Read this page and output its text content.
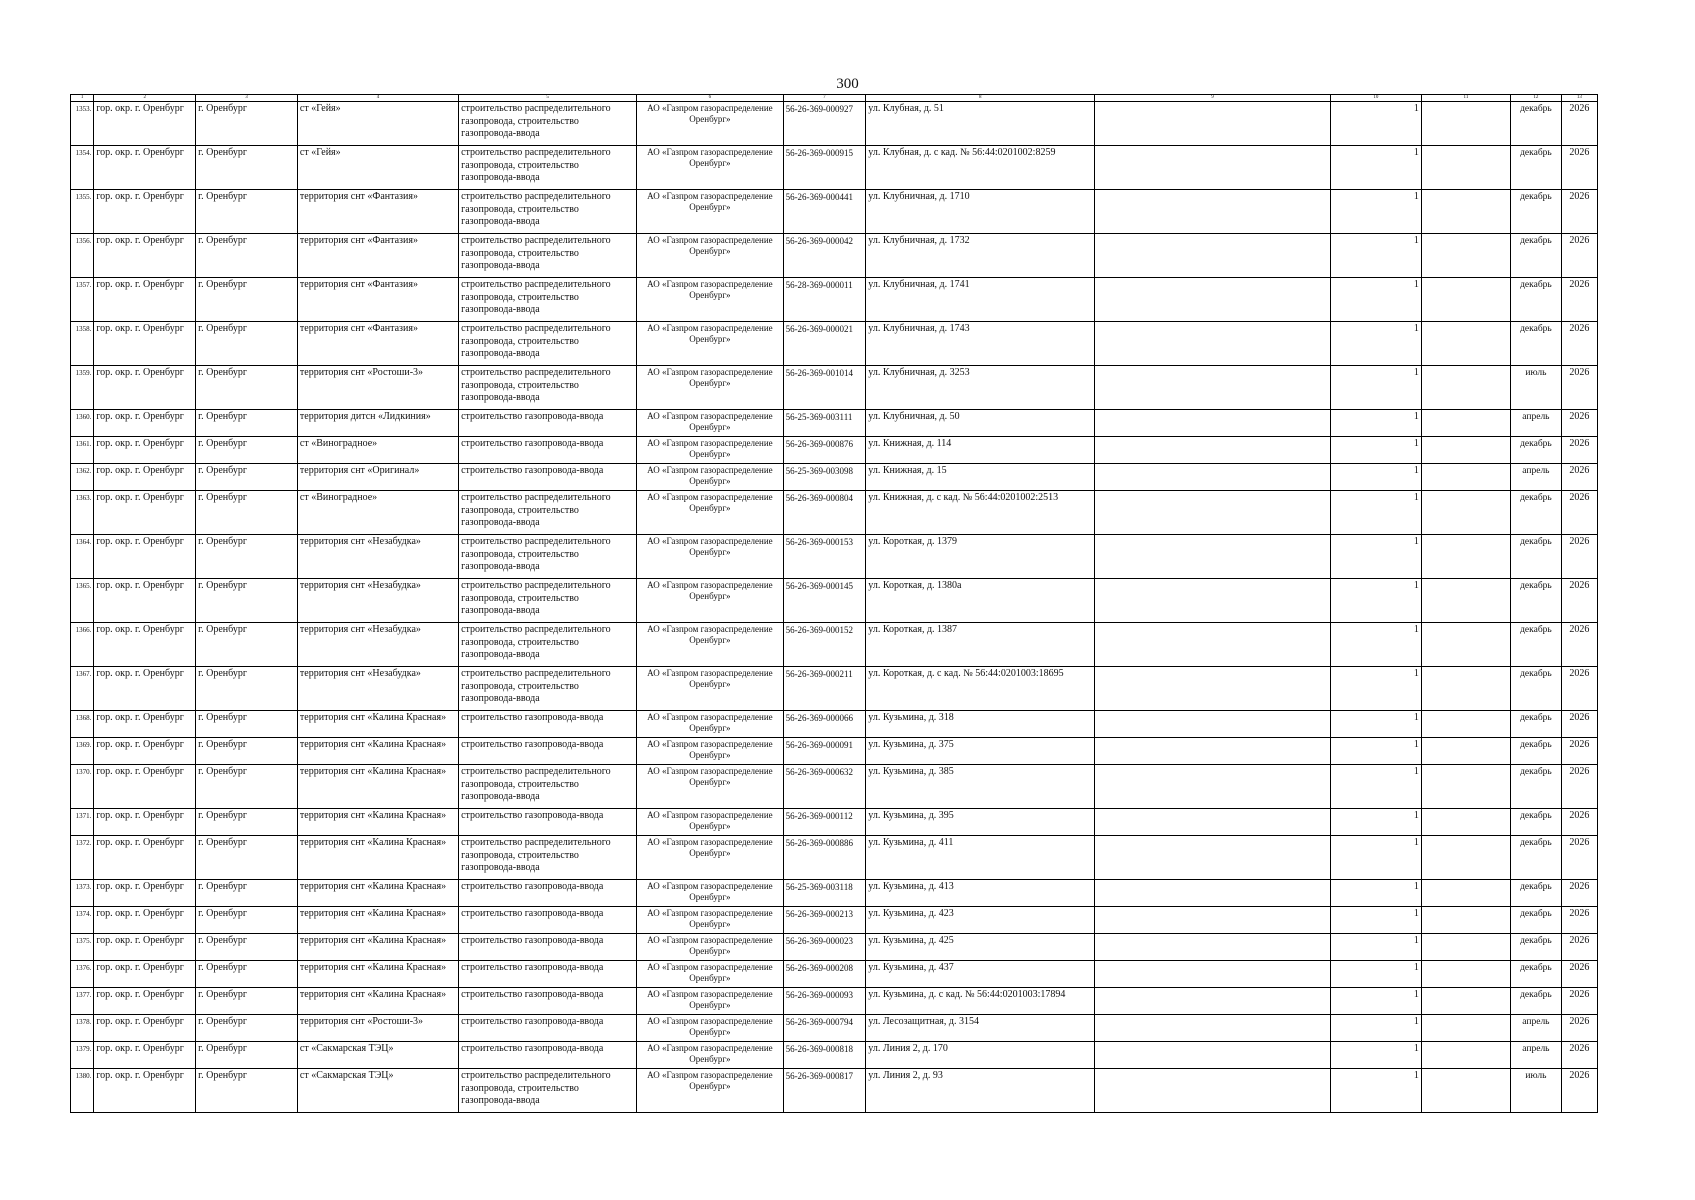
300
1	2	3	4	5	6	7	8	9	10	11	12	13
1353.	гор. окр. г. Оренбург	г. Оренбург	ст «Гейя»	строительство распределительного газопровода, строительство газопровода-ввода	АО «Газпром газораспределение Оренбург»	56-26-369-000927	ул. Клубная, д. 51		1		декабрь	2026
1354.	гор. окр. г. Оренбург	г. Оренбург	ст «Гейя»	строительство распределительного газопровода, строительство газопровода-ввода	АО «Газпром газораспределение Оренбург»	56-26-369-000915	ул. Клубная, д. с кад. № 56:44:0201002:8259		1		декабрь	2026
1355.	гор. окр. г. Оренбург	г. Оренбург	территория снт «Фантазия»	строительство распределительного газопровода, строительство газопровода-ввода	АО «Газпром газораспределение Оренбург»	56-26-369-000441	ул. Клубничная, д. 1710		1		декабрь	2026
1356.	гор. окр. г. Оренбург	г. Оренбург	территория снт «Фантазия»	строительство распределительного газопровода, строительство газопровода-ввода	АО «Газпром газораспределение Оренбург»	56-26-369-000042	ул. Клубничная, д. 1732		1		декабрь	2026
1357.	гор. окр. г. Оренбург	г. Оренбург	территория снт «Фантазия»	строительство распределительного газопровода, строительство газопровода-ввода	АО «Газпром газораспределение Оренбург»	56-28-369-000011	ул. Клубничная, д. 1741		1		декабрь	2026
1358.	гор. окр. г. Оренбург	г. Оренбург	территория снт «Фантазия»	строительство распределительного газопровода, строительство газопровода-ввода	АО «Газпром газораспределение Оренбург»	56-26-369-000021	ул. Клубничная, д. 1743		1		декабрь	2026
1359.	гор. окр. г. Оренбург	г. Оренбург	территория снт «Ростоши-3»	строительство распределительного газопровода, строительство газопровода-ввода	АО «Газпром газораспределение Оренбург»	56-26-369-001014	ул. Клубничная, д. 3253		1		июль	2026
1360.	гор. окр. г. Оренбург	г. Оренбург	территория дитсн «Лидкиния»	строительство газопровода-ввода	АО «Газпром газораспределение Оренбург»	56-25-369-003111	ул. Клубничная, д. 50		1		апрель	2026
1361.	гор. окр. г. Оренбург	г. Оренбург	ст «Виноградное»	строительство газопровода-ввода	АО «Газпром газораспределение Оренбург»	56-26-369-000876	ул. Книжная, д. 114		1		декабрь	2026
1362.	гор. окр. г. Оренбург	г. Оренбург	территория снт «Оригинал»	строительство газопровода-ввода	АО «Газпром газораспределение Оренбург»	56-25-369-003098	ул. Книжная, д. 15		1		апрель	2026
1363.	гор. окр. г. Оренбург	г. Оренбург	ст «Виноградное»	строительство распределительного газопровода, строительство газопровода-ввода	АО «Газпром газораспределение Оренбург»	56-26-369-000804	ул. Книжная, д. с кад. № 56:44:0201002:2513		1		декабрь	2026
1364.	гор. окр. г. Оренбург	г. Оренбург	территория снт «Незабудка»	строительство распределительного газопровода, строительство газопровода-ввода	АО «Газпром газораспределение Оренбург»	56-26-369-000153	ул. Короткая, д. 1379		1		декабрь	2026
1365.	гор. окр. г. Оренбург	г. Оренбург	территория снт «Незабудка»	строительство распределительного газопровода, строительство газопровода-ввода	АО «Газпром газораспределение Оренбург»	56-26-369-000145	ул. Короткая, д. 1380а		1		декабрь	2026
1366.	гор. окр. г. Оренбург	г. Оренбург	территория снт «Незабудка»	строительство распределительного газопровода, строительство газопровода-ввода	АО «Газпром газораспределение Оренбург»	56-26-369-000152	ул. Короткая, д. 1387		1		декабрь	2026
1367.	гор. окр. г. Оренбург	г. Оренбург	территория снт «Незабудка»	строительство распределительного газопровода, строительство газопровода-ввода	АО «Газпром газораспределение Оренбург»	56-26-369-000211	ул. Короткая, д. с кад. № 56:44:0201003:18695		1		декабрь	2026
1368.	гор. окр. г. Оренбург	г. Оренбург	территория снт «Калина Красная»	строительство газопровода-ввода	АО «Газпром газораспределение Оренбург»	56-26-369-000066	ул. Кузьмина, д. 318		1		декабрь	2026
1369.	гор. окр. г. Оренбург	г. Оренбург	территория снт «Калина Красная»	строительство газопровода-ввода	АО «Газпром газораспределение Оренбург»	56-26-369-000091	ул. Кузьмина, д. 375		1		декабрь	2026
1370.	гор. окр. г. Оренбург	г. Оренбург	территория снт «Калина Красная»	строительство распределительного газопровода, строительство газопровода-ввода	АО «Газпром газораспределение Оренбург»	56-26-369-000632	ул. Кузьмина, д. 385		1		декабрь	2026
1371.	гор. окр. г. Оренбург	г. Оренбург	территория снт «Калина Красная»	строительство газопровода-ввода	АО «Газпром газораспределение Оренбург»	56-26-369-000112	ул. Кузьмина, д. 395		1		декабрь	2026
1372.	гор. окр. г. Оренбург	г. Оренбург	территория снт «Калина Красная»	строительство распределительного газопровода, строительство газопровода-ввода	АО «Газпром газораспределение Оренбург»	56-26-369-000886	ул. Кузьмина, д. 411		1		декабрь	2026
1373.	гор. окр. г. Оренбург	г. Оренбург	территория снт «Калина Красная»	строительство газопровода-ввода	АО «Газпром газораспределение Оренбург»	56-25-369-003118	ул. Кузьмина, д. 413		1		декабрь	2026
1374.	гор. окр. г. Оренбург	г. Оренбург	территория снт «Калина Красная»	строительство газопровода-ввода	АО «Газпром газораспределение Оренбург»	56-26-369-000213	ул. Кузьмина, д. 423		1		декабрь	2026
1375.	гор. окр. г. Оренбург	г. Оренбург	территория снт «Калина Красная»	строительство газопровода-ввода	АО «Газпром газораспределение Оренбург»	56-26-369-000023	ул. Кузьмина, д. 425		1		декабрь	2026
1376.	гор. окр. г. Оренбург	г. Оренбург	территория снт «Калина Красная»	строительство газопровода-ввода	АО «Газпром газораспределение Оренбург»	56-26-369-000208	ул. Кузьмина, д. 437		1		декабрь	2026
1377.	гор. окр. г. Оренбург	г. Оренбург	территория снт «Калина Красная»	строительство газопровода-ввода	АО «Газпром газораспределение Оренбург»	56-26-369-000093	ул. Кузьмина, д. с кад. № 56:44:0201003:17894		1		декабрь	2026
1378.	гор. окр. г. Оренбург	г. Оренбург	территория снт «Ростоши-3»	строительство газопровода-ввода	АО «Газпром газораспределение Оренбург»	56-26-369-000794	ул. Лесозащитная, д. 3154		1		апрель	2026
1379.	гор. окр. г. Оренбург	г. Оренбург	ст «Сакмарская ТЭЦ»	строительство газопровода-ввода	АО «Газпром газораспределение Оренбург»	56-26-369-000818	ул. Линия 2, д. 170		1		апрель	2026
1380.	гор. окр. г. Оренбург	г. Оренбург	ст «Сакмарская ТЭЦ»	строительство распределительного газопровода, строительство газопровода-ввода	АО «Газпром газораспределение Оренбург»	56-26-369-000817	ул. Линия 2, д. 93		1		июль	2026
